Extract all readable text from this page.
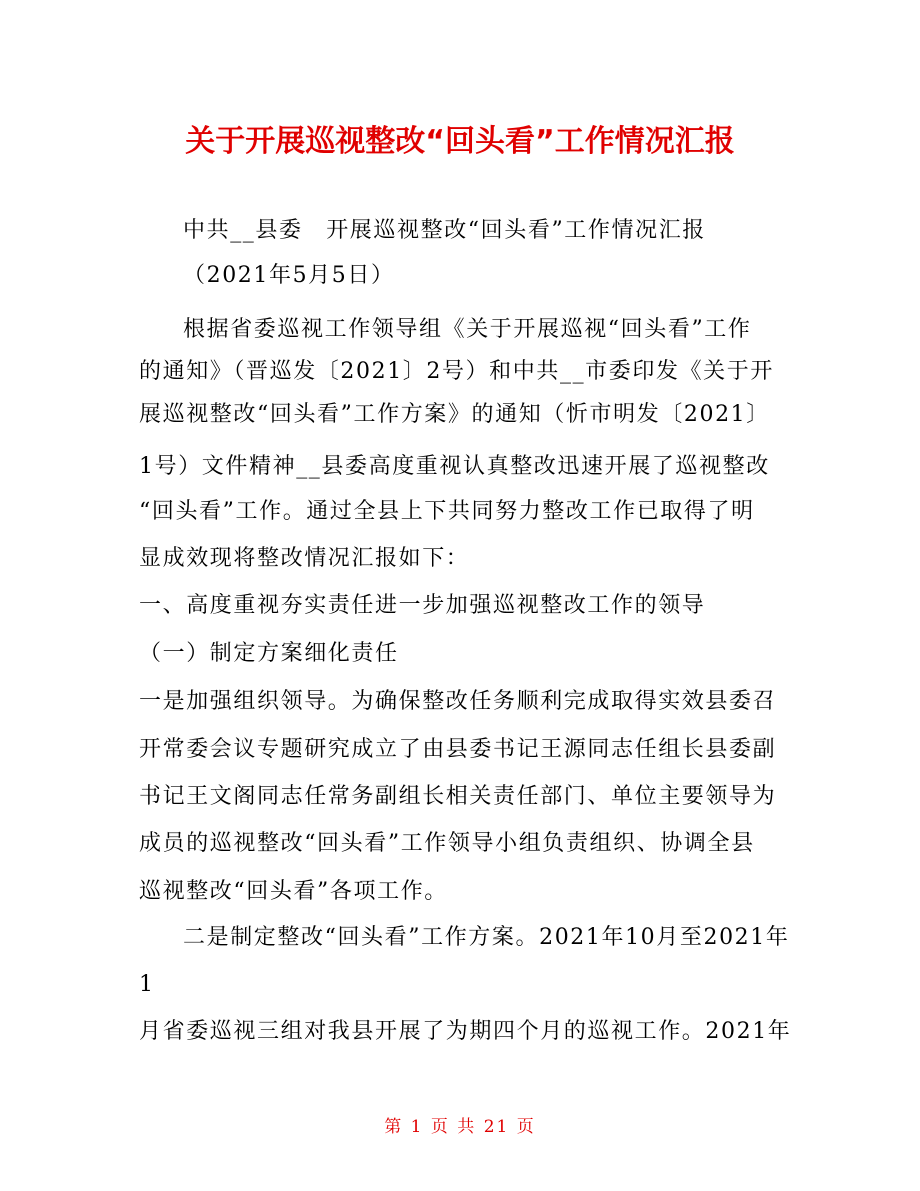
关于开展巡视整改“回头看”工作情况汇报
中共__县委　开展巡视整改“回头看”工作情况汇报
（2021年5月5日）
根据省委巡视工作领导组《关于开展巡视“回头看”工作
的通知》（晋巡发〔2021〕2号）和中共__市委印发《关于开
展巡视整改“回头看”工作方案》的通知（忻市明发〔2021〕
1号）文件精神__县委高度重视认真整改迅速开展了巡视整改
“回头看”工作。通过全县上下共同努力整改工作已取得了明
显成效现将整改情况汇报如下：
一、高度重视夯实责任进一步加强巡视整改工作的领导
（一）制定方案细化责任
一是加强组织领导。为确保整改任务顺利完成取得实效县委召
开常委会议专题研究成立了由县委书记王源同志任组长县委副
书记王文阁同志任常务副组长相关责任部门、单位主要领导为
成员的巡视整改“回头看”工作领导小组负责组织、协调全县
巡视整改“回头看”各项工作。
二是制定整改“回头看”工作方案。2021年10月至2021年
1
月省委巡视三组对我县开展了为期四个月的巡视工作。2021年
第 1 页 共 21 页
